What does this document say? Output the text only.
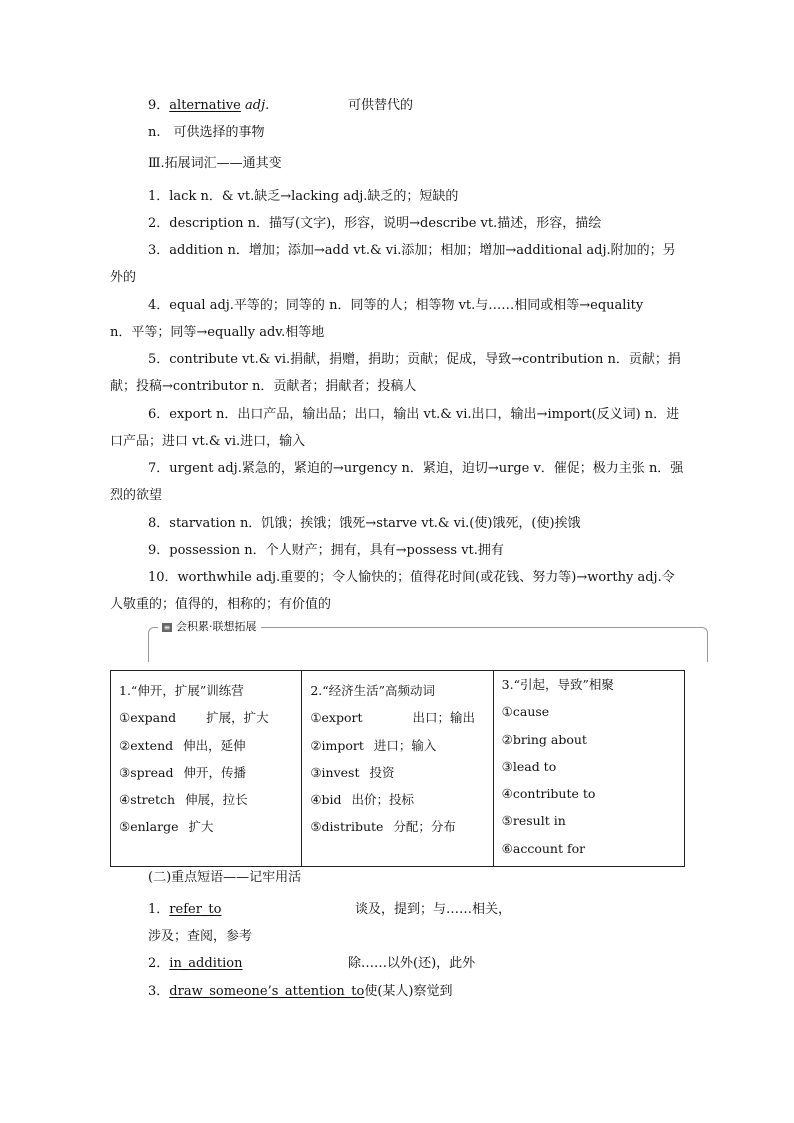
9．alternative adj.	可供替代的
n.　可供选择的事物
Ⅲ.拓展词汇——通其变
1．lack n．& vt.缺乏→lacking adj.缺乏的；短缺的
2．description n．描写(文字)，形容，说明→describe vt.描述，形容，描绘
3．addition n．增加；添加→add vt.& vi.添加；相加；增加→additional adj.附加的；另
外的
4．equal adj.平等的；同等的 n．同等的人；相等物 vt.与……相同或相等→equality
n．平等；同等→equally adv.相等地
5．contribute vt.& vi.捐献，捐赠，捐助；贡献；促成，导致→contribution n．贡献；捐
献；投稿→contributor n．贡献者；捐献者；投稿人
6．export n．出口产品，输出品；出口，输出 vt.& vi.出口，输出→import(反义词) n．进
口产品；进口 vt.& vi.进口，输入
7．urgent adj.紧急的，紧迫的→urgency n．紧迫，迫切→urge v．催促；极力主张 n．强
烈的欲望
8．starvation n．饥饿；挨饿；饿死→starve vt.& vi.(使)饿死，(使)挨饿
9．possession n．个人财产；拥有，具有→possess vt.拥有
10．worthwhile adj.重要的；令人愉快的；值得花时间(或花钱、努力等)→worthy adj.令
人敬重的；值得的，相称的；有价值的
≡ 会积累·联想拓展
1.“伸开，扩展”训练营
①expand 扩展，扩大
②extend 伸出，延伸
③spread 伸开，传播
④stretch 伸展，拉长
⑤enlarge 扩大

2.“经济生活”高频动词
①export	出口；输出
②import 进口；输入
③invest 投资
④bid 出价；投标
⑤distribute 分配；分布

3.“引起，导致”相聚
①cause
②bring about
③lead to
④contribute to
⑤result in
⑥account for
(二)重点短语——记牢用活
1．refer_to	谈及，提到；与……相关，
涉及；查阅，参考
2．in_addition	除……以外(还)，此外
3．draw_someone’s_attention_to使(某人)察觉到
